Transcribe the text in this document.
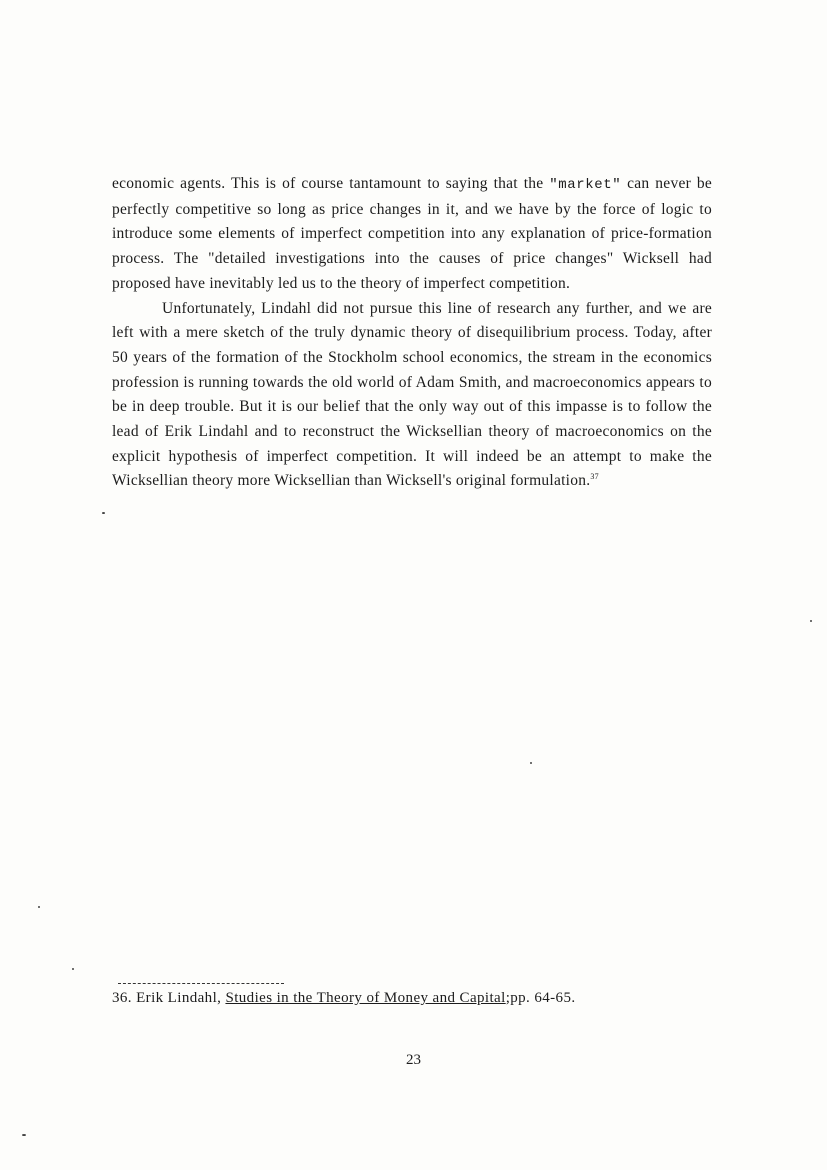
economic agents. This is of course tantamount to saying that the "market" can never be perfectly competitive so long as price changes in it, and we have by the force of logic to introduce some elements of imperfect competition into any explanation of price-formation process. The "detailed investigations into the causes of price changes" Wicksell had proposed have inevitably led us to the theory of imperfect competition.

Unfortunately, Lindahl did not pursue this line of research any further, and we are left with a mere sketch of the truly dynamic theory of disequilibrium process. Today, after 50 years of the formation of the Stockholm school economics, the stream in the economics profession is running towards the old world of Adam Smith, and macroeconomics appears to be in deep trouble. But it is our belief that the only way out of this impasse is to follow the lead of Erik Lindahl and to reconstruct the Wicksellian theory of macroeconomics on the explicit hypothesis of imperfect competition. It will indeed be an attempt to make the Wicksellian theory more Wicksellian than Wicksell's original formulation.$^{37}$

36. Erik Lindahl, Studies in the Theory of Money and Capital;pp. 64-65.
23
